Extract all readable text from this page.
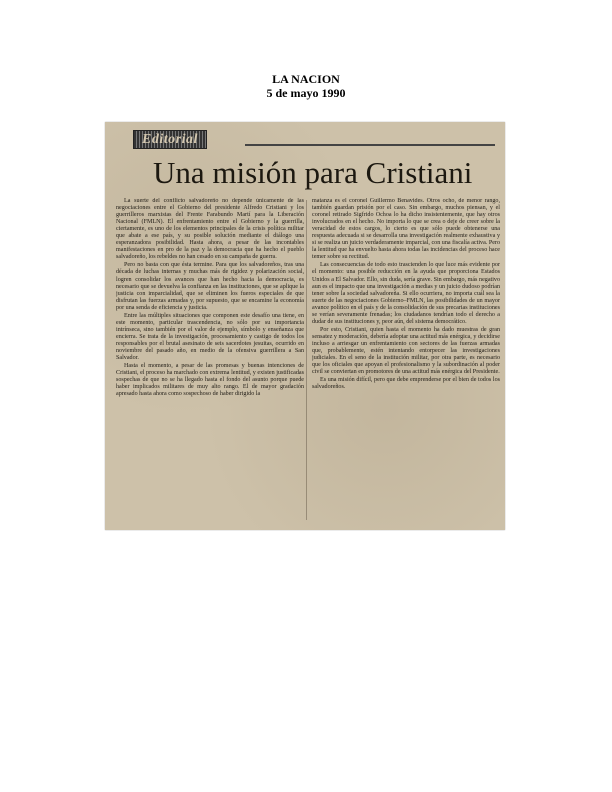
LA NACION
5 de mayo 1990
Editorial
Una misión para Cristiani

La suerte del conflicto salvadoreño no depende únicamente de las negociaciones entre el Gobierno del presidente Alfredo Cristiani y los guerrilleros marxistas del Frente Farabundo Martí para la Liberación Nacional (FMLN). El enfrentamiento entre el Gobierno y la guerrilla, ciertamente, es uno de los elementos principales de la crisis política militar que abate a ese país, y su posible solución mediante el diálogo una esperanzadora posibilidad. Hasta ahora, a pesar de las incontables manifestaciones en pro de la paz y la democracia que ha hecho el pueblo salvadoreño, los rebeldes no han cesado en su campaña de guerra.

Pero no basta con que ésta termine. Para que los salvadoreños, tras una década de luchas internas y muchas más de rigidez y polarización social, logren consolidar los avances que han hecho hacia la democracia, es necesario que se devuelva la confianza en las instituciones, que se aplique la justicia con imparcialidad, que se eliminen los fueros especiales de que disfrutan las fuerzas armadas y, por supuesto, que se encamine la economía por una senda de eficiencia y justicia.

Entre las múltiples situaciones que componen este desafío una tiene, en este momento, particular trascendencia, no sólo por su importancia intrínseca, sino también por el valor de ejemplo, símbolo y enseñanza que encierra. Se trata de la investigación, procesamiento y castigo de todos los responsables por el brutal asesinato de seis sacerdotes jesuitas, ocurrido en noviembre del pasado año, en medio de la ofensiva guerrillera a San Salvador.

Hasta el momento, a pesar de las promesas y buenas intenciones de Cristiani, el proceso ha marchado con extrema lentitud, y existen justificadas sospechas de que no se ha llegado hasta el fondo del asunto porque puede haber implicados militares de muy alto rango. El de mayor gradación apresado hasta ahora como sospechoso de haber dirigido la

matanza es el coronel Guillermo Benavides. Otros ocho, de menor rango, también guardan prisión por el caso. Sin embargo, muchos piensan, y el coronel retirado Sigfrido Ochoa lo ha dicho insistentemente, que hay otros involucrados en el hecho. No importa lo que se crea o deje de creer sobre la veracidad de estos cargos, lo cierto es que sólo puede obtenerse una respuesta adecuada si se desarrolla una investigación realmente exhaustiva y si se realiza un juicio verdaderamente imparcial, con una fiscalía activa. Pero la lentitud que ha envuelto hasta ahora todas las incidencias del proceso hace temer sobre su rectitud.

Las consecuencias de todo esto trascienden lo que luce más evidente por el momento: una posible reducción en la ayuda que proporciona Estados Unidos a El Salvador. Ello, sin duda, sería grave. Sin embargo, más negativo aun es el impacto que una investigación a medias y un juicio dudoso podrían tener sobre la sociedad salvadoreña. Si ello ocurriera, no importa cuál sea la suerte de las negociaciones Gobierno–FMLN, las posibilidades de un mayor avance político en el país y de la consolidación de sus precarias instituciones se verían severamente frenadas; los ciudadanos tendrían todo el derecho a dudar de sus instituciones y, peor aún, del sistema democrático.

Por esto, Cristiani, quien hasta el momento ha dado muestras de gran sensatez y moderación, debería adoptar una actitud más enérgica, y decidirse incluso a arriesgar un enfrentamiento con sectores de las fuerzas armadas que, probablemente, estén intentando entorpecer las investigaciones judiciales. En el seno de la institución militar, por otra parte, es necesario que los oficiales que apoyan el profesionalismo y la subordinación al poder civil se conviertan en promotores de una actitud más enérgica del Presidente.

Es una misión difícil, pero que debe emprenderse por el bien de todos los salvadoreños.
